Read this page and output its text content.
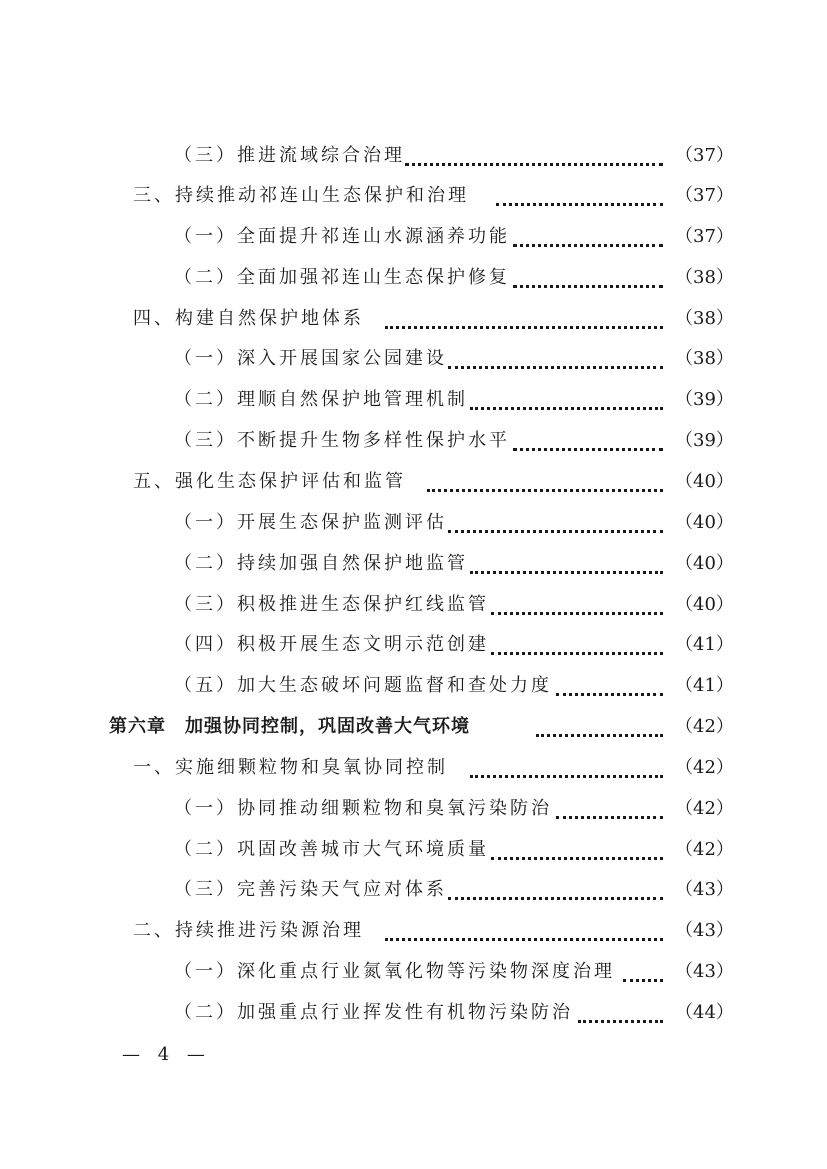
（三）推进流域综合治理	（37）
三、持续推动祁连山生态保护和治理	（37）
（一）全面提升祁连山水源涵养功能	（37）
（二）全面加强祁连山生态保护修复	（38）
四、构建自然保护地体系	（38）
（一）深入开展国家公园建设	（38）
（二）理顺自然保护地管理机制	（39）
（三）不断提升生物多样性保护水平	（39）
五、强化生态保护评估和监管	（40）
（一）开展生态保护监测评估	（40）
（二）持续加强自然保护地监管	（40）
（三）积极推进生态保护红线监管	（40）
（四）积极开展生态文明示范创建	（41）
（五）加大生态破坏问题监督和查处力度	（41）
第六章　加强协同控制，巩固改善大气环境	（42）
一、实施细颗粒物和臭氧协同控制	（42）
（一）协同推动细颗粒物和臭氧污染防治	（42）
（二）巩固改善城市大气环境质量	（42）
（三）完善污染天气应对体系	（43）
二、持续推进污染源治理	（43）
（一）深化重点行业氮氧化物等污染物深度治理	（43）
（二）加强重点行业挥发性有机物污染防治	（44）
— 4 —
